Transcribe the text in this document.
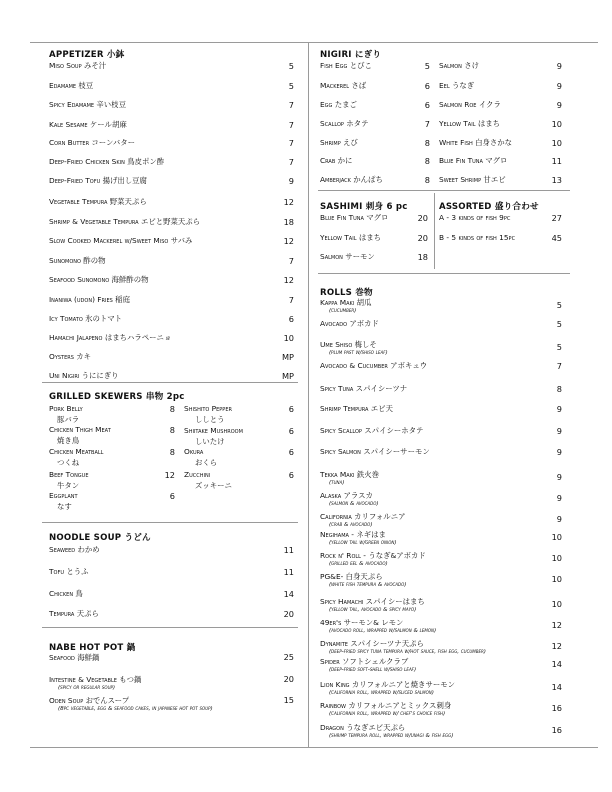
APPETIZER 小鉢
Miso Soup みそ汁	5
Edamame 枝豆	5
Spicy Edamame 辛い枝豆	7
Kale Sesame ケール胡麻	7
Corn Butter コーンバター	7
Deep-Fried Chicken Skin 鳥皮ポン酢	7
Deep-Fried Tofu 揚げ出し豆腐	9
Vegetable Tempura 野菜天ぷら	12
Shrimp & Vegetable Tempura エビと野菜天ぷら	18
Slow Cooked Mackerel w/Sweet Miso サバみ	12
Sunomono 酢の物	7
Seafood Sunomono 海鮮酢の物	12
Inaniwa (udon) Fries 稲庭	7
Icy Tomato 氷のトマト	6
Hamachi Jalapeno はまちハラペーニョ	10
Oysters カキ	MP
Uni Nigiri うににぎり	MP
GRILLED SKEWERS 串物 2pc
Pork Belly
豚バラ
8
Chicken Thigh Meat
焼き鳥
8
Chicken Meatball
つくね
8
Beef Tongue
牛タン
12
Eggplant
なす
6
Shishito Pepper
ししとう
6
Shiitake Mushroom
しいたけ
6
Okura
おくら
6
Zucchini
ズッキーニ
6
NOODLE SOUP うどん
Seaweed わかめ	11
Tofu とうふ	11
Chicken 鳥	14
Tempura 天ぷら	20
NABE HOT POT 鍋
Seafood 海鮮鍋	25
Intestine & Vegetable もつ鍋	20
(spicy or regular soup)
Oden Soup おでんスープ	15
(8pc vegetable, egg & seafood cakes, in japanese hot pot soup)
NIGIRI にぎり
Fish Egg とびこ	5
Mackerel さば	6
Egg たまご	6
Scallop ホタテ	7
Shrimp えび	8
Crab かに	8
Amberjack かんぱち	8
Salmon さけ	9
Eel うなぎ	9
Salmon Roe イクラ	9
Yellow Tail はまち	10
White Fish 白身さかな	10
Blue Fin Tuna マグロ	11
Sweet Shrimp 甘エビ	13
SASHIMI 刺身 6 pc
Blue Fin Tuna マグロ	20
Yellow Tail はまち	20
Salmon サーモン	18
ASSORTED 盛り合わせ
A - 3 kinds of fish 9pc	27
B - 5 kinds of fish 15pc	45
ROLLS 巻物
Kappa Maki 胡瓜	5
(cucumber)
Avocado アボカド	5
Ume Shiso 梅しそ	5
(plum past w/shiso leaf)
Avocado & Cucumber アボキュウ	7
Spicy Tuna スパイシーツナ	8
Shrimp Tempura エビ天	9
Spicy Scallop スパイシーホタテ	9
Spicy Salmon スパイシーサーモン	9
Tekka Maki 鉄火巻	9
(tuna)
Alaska アラスカ	9
(salmon & avocado)
California カリフォルニア	9
(crab & avocado)
Negihama - ネギはま	10
(yellow tail w/green onion)
Rock n' Roll - うなぎ&アボカド	10
(grilled eel & avocado)
PG&E- 白身天ぷら	10
(white fish tempura & avocado)
Spicy Hamachi スパイシーはまち	10
(yellow tail, avocado & spicy mayo)
49er's サーモン& レモン	12
(avocado roll, wrapped w/salmon & lemon)
Dynamite スパイシーツナ天ぷら	12
(deep-fried spicy tuna tempura w/hot sauce, fish egg, cucumber)
Spider ソフトシェルクラブ	14
(deep-fried soft-shell w/shiso leaf)
Lion King カリフォルニアと焼きサーモン	14
(california roll, wrapped w/sliced salmon)
Rainbow カリフォルニアとミックス刺身	16
(california roll, wrapped w/ chef's choice fish)
Dragon うなぎエビ天ぷら	16
(shrimp tempura roll, wrapped w/unagi & fish egg)
